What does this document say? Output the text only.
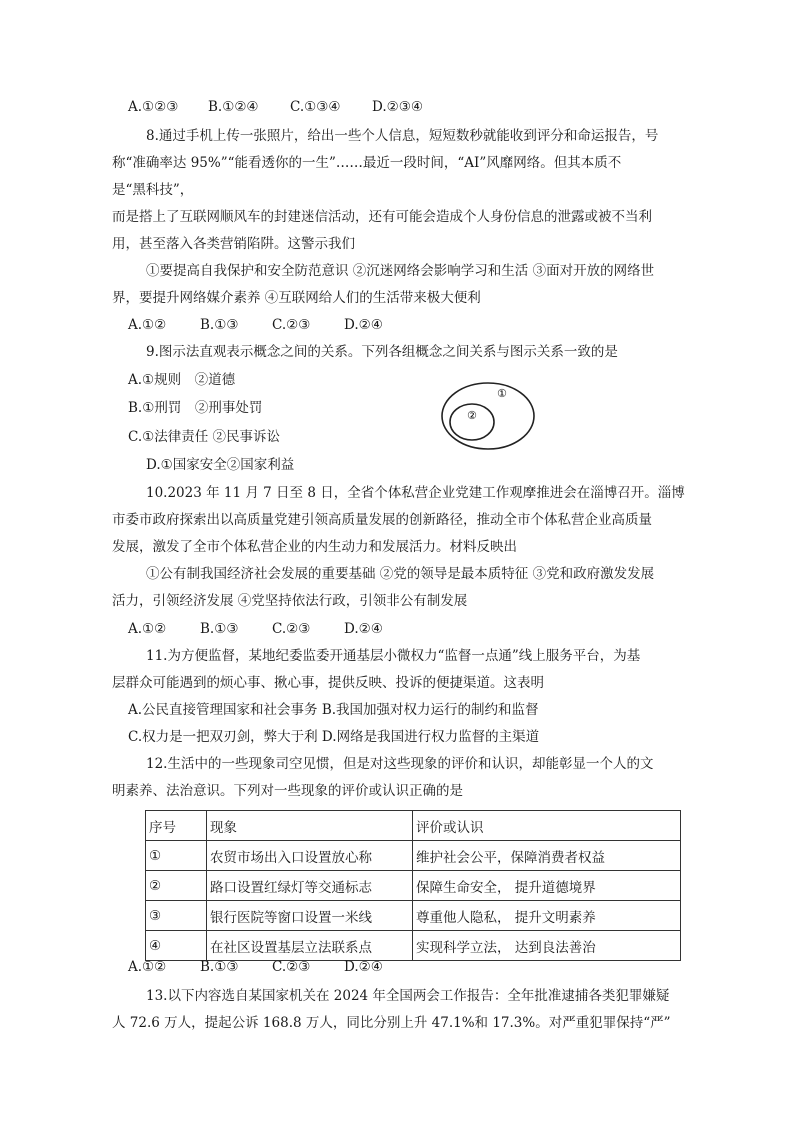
A.①②③ B.①②④ C.①③④ D.②③④
8.通过手机上传一张照片，给出一些个人信息，短短数秒就能收到评分和命运报告，号
称“准确率达 95%”“能看透你的一生”……最近一段时间，“AI”风靡网络。但其本质不
是“黑科技”，
而是搭上了互联网顺风车的封建迷信活动，还有可能会造成个人身份信息的泄露或被不当利
用，甚至落入各类营销陷阱。这警示我们
①要提高自我保护和安全防范意识 ②沉迷网络会影响学习和生活 ③面对开放的网络世
界，要提升网络媒介素养 ④互联网给人们的生活带来极大便利
A.①②	B.①③ C.②③ D.②④
9.图示法直观表示概念之间的关系。下列各组概念之间关系与图示关系一致的是
A.①规则　②道德
B.①刑罚　②刑事处罚
C.①法律责任 ②民事诉讼
D.①国家安全②国家利益
①
②
10.2023 年 11 月 7 日至 8 日，全省个体私营企业党建工作观摩推进会在淄博召开。淄博
市委市政府探索出以高质量党建引领高质量发展的创新路径，推动全市个体私营企业高质量
发展，激发了全市个体私营企业的内生动力和发展活力。材料反映出
①公有制我国经济社会发展的重要基础 ②党的领导是最本质特征 ③党和政府激发发展
活力，引领经济发展 ④党坚持依法行政，引领非公有制发展
A.①②	B.①③ C.②③ D.②④
11.为方便监督，某地纪委监委开通基层小微权力“监督一点通”线上服务平台，为基
层群众可能遇到的烦心事、揪心事，提供反映、投诉的便捷渠道。这表明
A.公民直接管理国家和社会事务 B.我国加强对权力运行的制约和监督
C.权力是一把双刃剑，弊大于利 D.网络是我国进行权力监督的主渠道
12.生活中的一些现象司空见惯，但是对这些现象的评价和认识，却能彰显一个人的文
明素养、法治意识。下列对一些现象的评价或认识正确的是
序号	现象	评价或认识
①	农贸市场出入口设置放心称	维护社会公平，保障消费者权益
②	路口设置红绿灯等交通标志	保障生命安全， 提升道德境界
③	银行医院等窗口设置一米线	尊重他人隐私， 提升文明素养
④	在社区设置基层立法联系点	实现科学立法， 达到良法善治
A.①②	B.①③ C.②③ D.②④
13.以下内容选自某国家机关在 2024 年全国两会工作报告：全年批准逮捕各类犯罪嫌疑
人 72.6 万人，提起公诉 168.8 万人，同比分别上升 47.1%和 17.3%。对严重犯罪保持“严”
